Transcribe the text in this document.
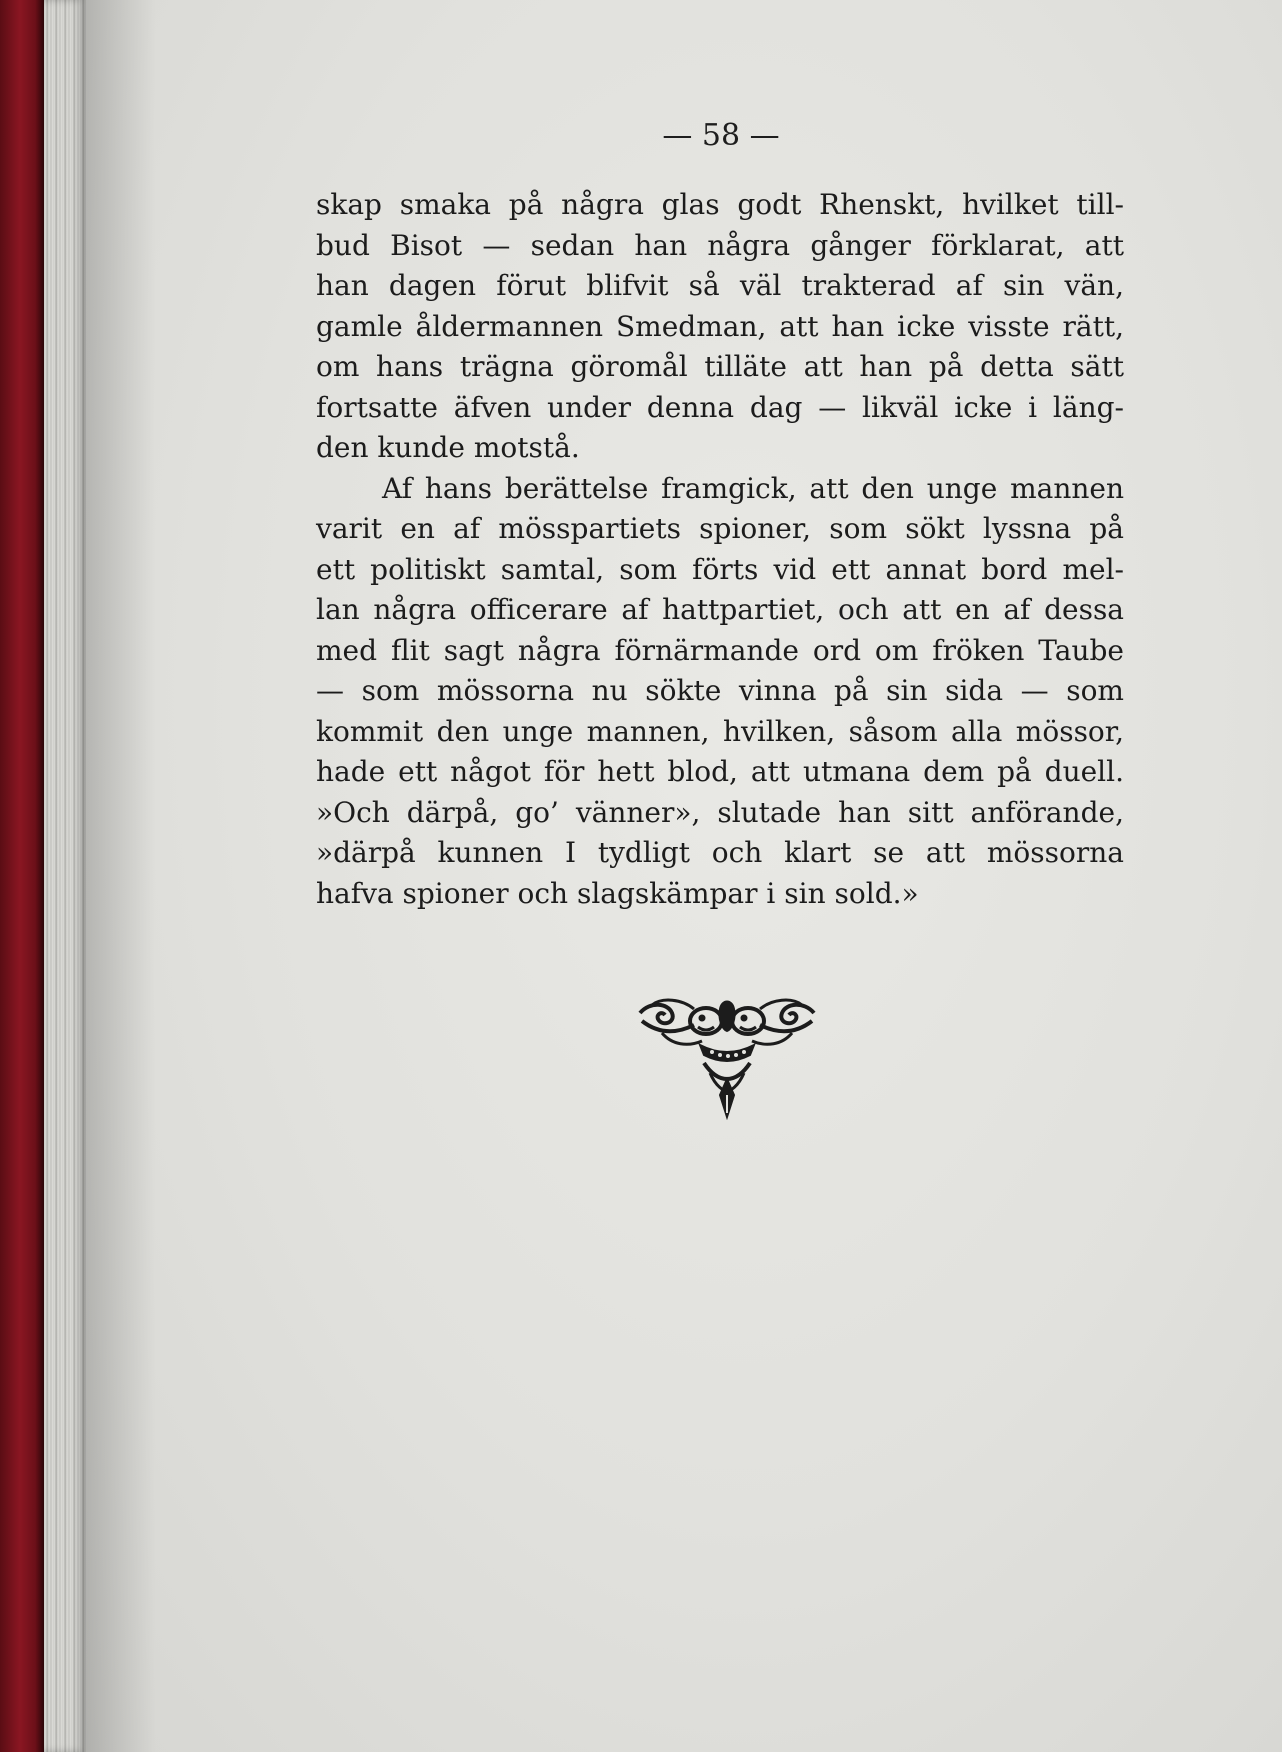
— 58 —
skap smaka på några glas godt Rhenskt, hvilket till-
bud Bisot — sedan han några gånger förklarat, att
han dagen förut blifvit så väl trakterad af sin vän,
gamle åldermannen Smedman, att han icke visste rätt,
om hans trägna göromål tilläte att han på detta sätt
fortsatte äfven under denna dag — likväl icke i läng-
den kunde motstå.
Af hans berättelse framgick, att den unge mannen
varit en af mösspartiets spioner, som sökt lyssna på
ett politiskt samtal, som förts vid ett annat bord mel-
lan några officerare af hattpartiet, och att en af dessa
med flit sagt några förnärmande ord om fröken Taube
— som mössorna nu sökte vinna på sin sida — som
kommit den unge mannen, hvilken, såsom alla mössor,
hade ett något för hett blod, att utmana dem på duell.
»Och därpå, go’ vänner», slutade han sitt anförande,
»därpå kunnen I tydligt och klart se att mössorna
hafva spioner och slagskämpar i sin sold.»
